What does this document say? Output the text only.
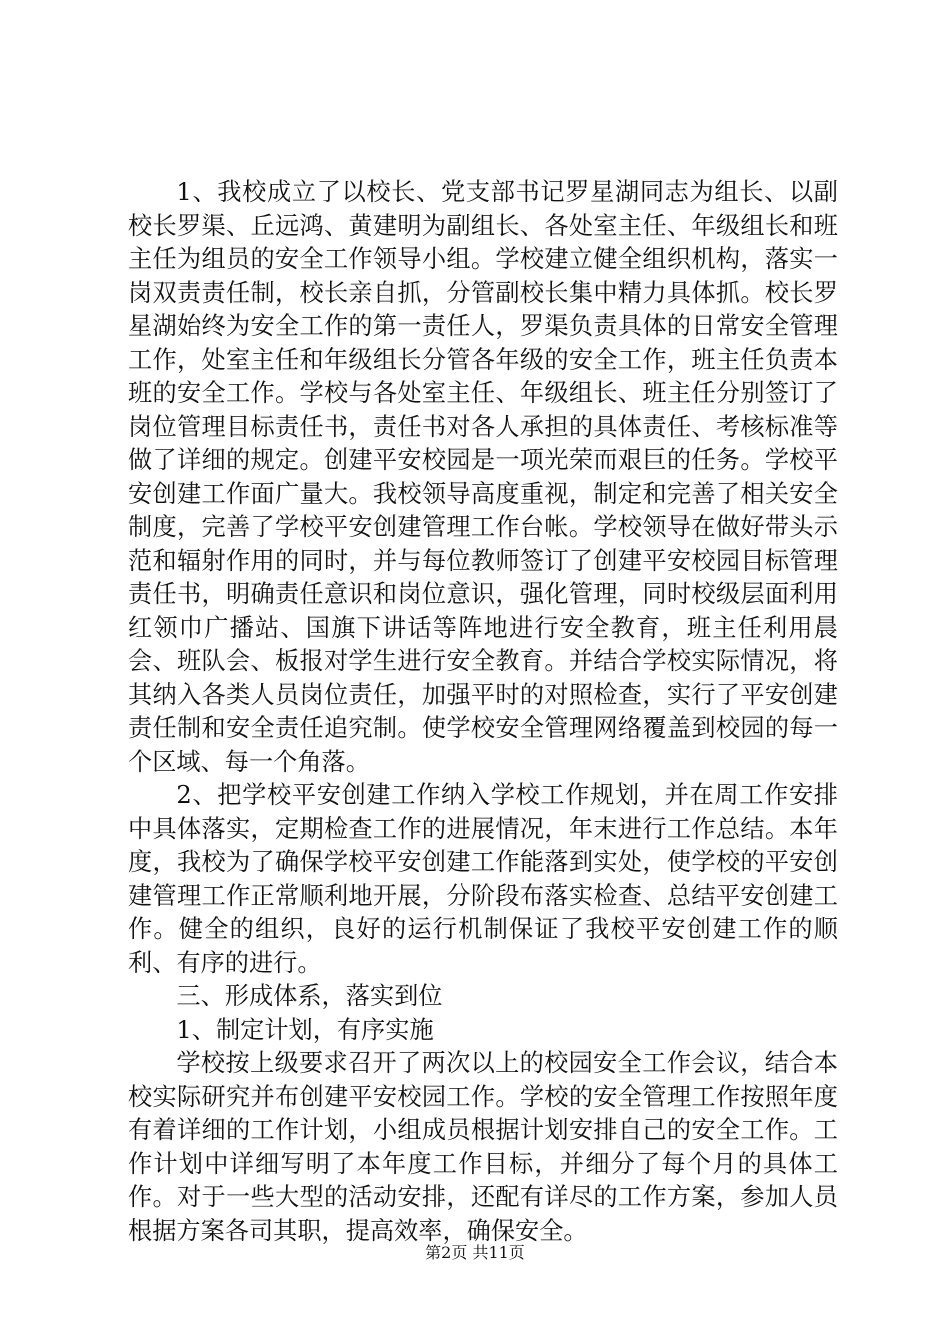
1、我校成立了以校长、党支部书记罗星湖同志为组长、以副校长罗渠、丘远鸿、黄建明为副组长、各处室主任、年级组长和班主任为组员的安全工作领导小组。学校建立健全组织机构，落实一岗双责责任制，校长亲自抓，分管副校长集中精力具体抓。校长罗星湖始终为安全工作的第一责任人，罗渠负责具体的日常安全管理工作，处室主任和年级组长分管各年级的安全工作，班主任负责本班的安全工作。学校与各处室主任、年级组长、班主任分别签订了岗位管理目标责任书，责任书对各人承担的具体责任、考核标准等做了详细的规定。创建平安校园是一项光荣而艰巨的任务。学校平安创建工作面广量大。我校领导高度重视，制定和完善了相关安全制度，完善了学校平安创建管理工作台帐。学校领导在做好带头示范和辐射作用的同时，并与每位教师签订了创建平安校园目标管理责任书，明确责任意识和岗位意识，强化管理，同时校级层面利用红领巾广播站、国旗下讲话等阵地进行安全教育，班主任利用晨会、班队会、板报对学生进行安全教育。并结合学校实际情况，将其纳入各类人员岗位责任，加强平时的对照检查，实行了平安创建责任制和安全责任追究制。使学校安全管理网络覆盖到校园的每一个区域、每一个角落。

2、把学校平安创建工作纳入学校工作规划，并在周工作安排中具体落实，定期检查工作的进展情况，年末进行工作总结。本年度，我校为了确保学校平安创建工作能落到实处，使学校的平安创建管理工作正常顺利地开展，分阶段布落实检查、总结平安创建工作。健全的组织，良好的运行机制保证了我校平安创建工作的顺利、有序的进行。

三、形成体系，落实到位

1、制定计划，有序实施

学校按上级要求召开了两次以上的校园安全工作会议，结合本校实际研究并布创建平安校园工作。学校的安全管理工作按照年度有着详细的工作计划，小组成员根据计划安排自己的安全工作。工作计划中详细写明了本年度工作目标，并细分了每个月的具体工作。对于一些大型的活动安排，还配有详尽的工作方案，参加人员根据方案各司其职，提高效率，确保安全。

第2页 共11页
